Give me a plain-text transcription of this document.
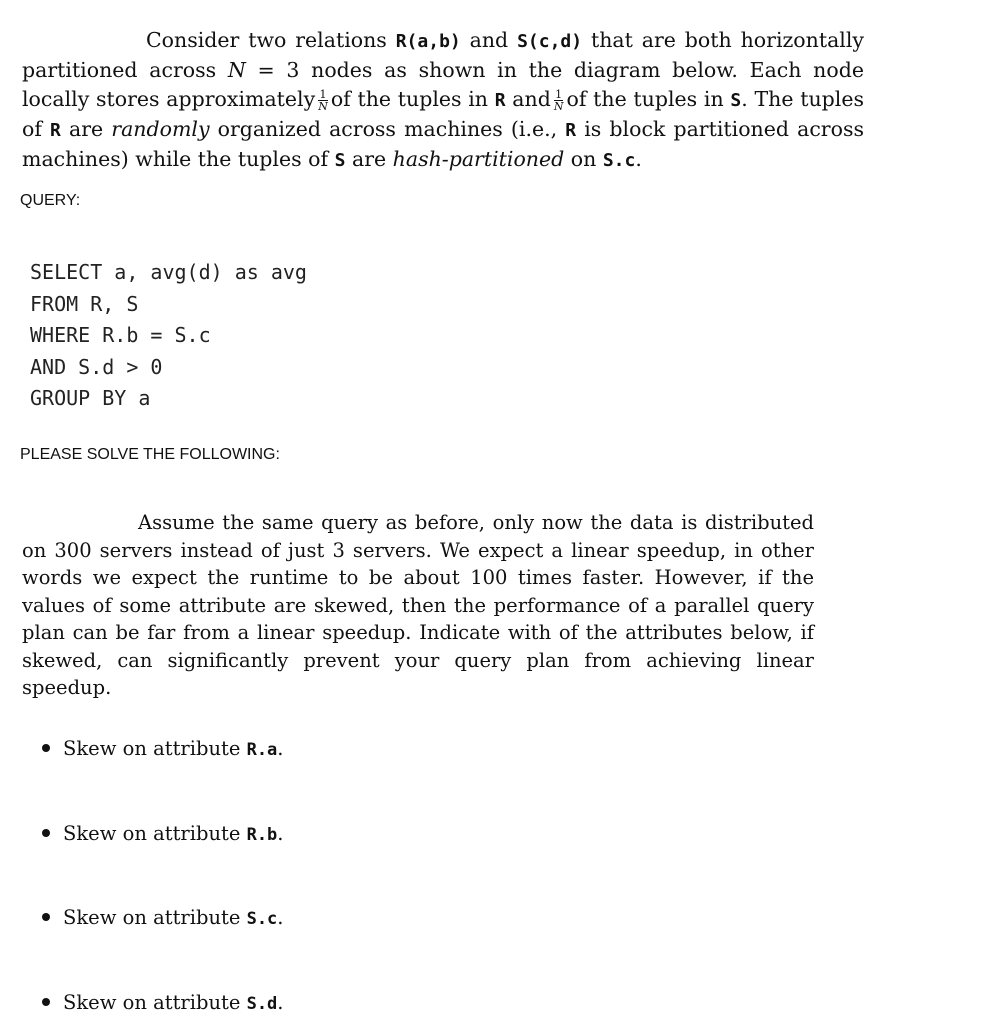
Consider two relations R(a,b) and S(c,d) that are both horizontally partitioned across N = 3 nodes as shown in the diagram below. Each node locally stores approximately $\frac{1}{N}$ of the tuples in R and $\frac{1}{N}$ of the tuples in S. The tuples of R are randomly organized across machines (i.e., R is block partitioned across machines) while the tuples of S are hash-partitioned on S.c.
QUERY:
SELECT a, avg(d) as avg
FROM R, S
WHERE R.b = S.c
AND S.d > 0
GROUP BY a
PLEASE SOLVE THE FOLLOWING:
Assume the same query as before, only now the data is distributed on 300 servers instead of just 3 servers. We expect a linear speedup, in other words we expect the runtime to be about 100 times faster. However, if the values of some attribute are skewed, then the performance of a parallel query plan can be far from a linear speedup. Indicate with of the attributes below, if skewed, can significantly prevent your query plan from achieving linear speedup.
Skew on attribute R.a.
Skew on attribute R.b.
Skew on attribute S.c.
Skew on attribute S.d.
